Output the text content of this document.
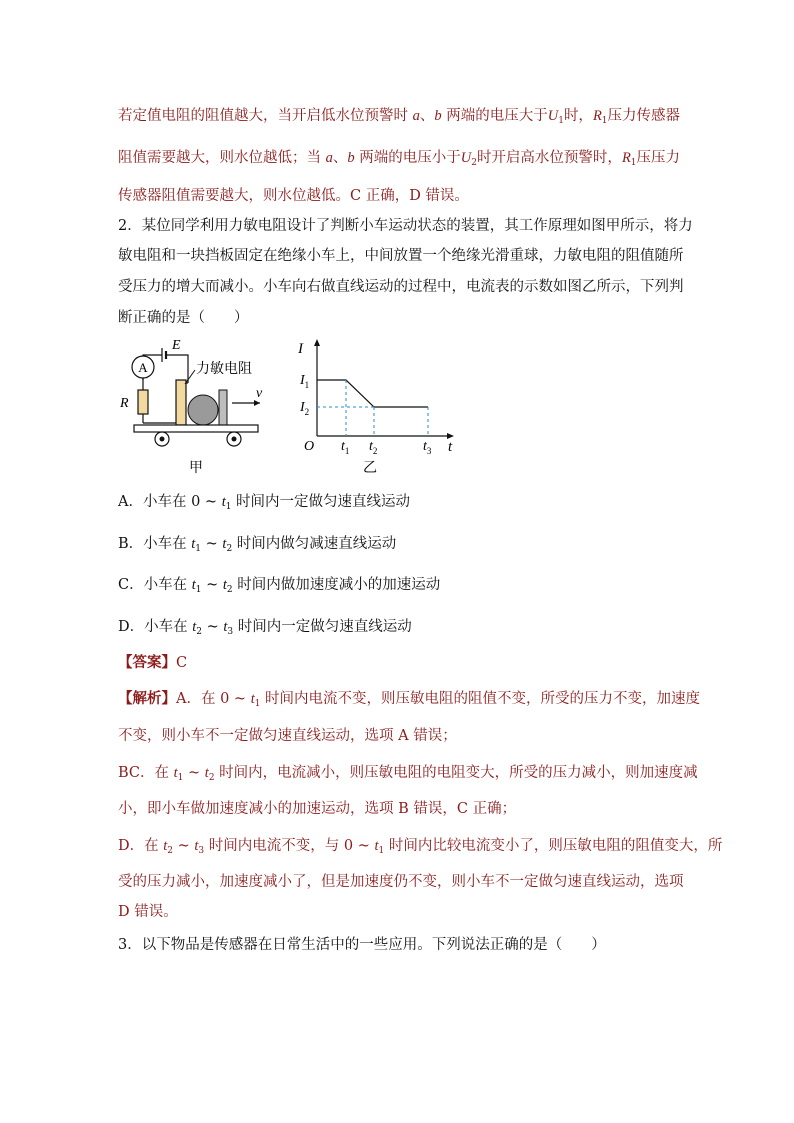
若定值电阻的阻值越大，当开启低水位预警时 a、b 两端的电压大于$U_1$时，$R_1$压力传感器
阻值需要越大，则水位越低；当 a、b 两端的电压小于$U_2$时开启高水位预警时，$R_1$压压力
传感器阻值需要越大，则水位越低。C 正确，D 错误。
2．某位同学利用力敏电阻设计了判断小车运动状态的装置，其工作原理如图甲所示，将力
敏电阻和一块挡板固定在绝缘小车上，中间放置一个绝缘光滑重球，力敏电阻的阻值随所
受压力的增大而减小。小车向右做直线运动的过程中，电流表的示数如图乙所示，下列判
断正确的是（　　）
A
E
R
力敏电阻
v
甲
I
t
O
$I_1$
$I_2$
$t_1$ $t_2$	$t_3$
乙
A．小车在 0 ~ $t_1$ 时间内一定做匀速直线运动
B．小车在 $t_1$ ~ $t_2$ 时间内做匀减速直线运动
C．小车在 $t_1$ ~ $t_2$ 时间内做加速度减小的加速运动
D．小车在 $t_2$ ~ $t_3$ 时间内一定做匀速直线运动
【答案】C
【解析】A．在 0 ~ $t_1$ 时间内电流不变，则压敏电阻的阻值不变，所受的压力不变，加速度
不变，则小车不一定做匀速直线运动，选项 A 错误；
BC．在 $t_1$ ~ $t_2$ 时间内，电流减小，则压敏电阻的电阻变大，所受的压力减小，则加速度减
小，即小车做加速度减小的加速运动，选项 B 错误，C 正确；
D．在 $t_2$ ~ $t_3$ 时间内电流不变，与 0 ~ $t_1$ 时间内比较电流变小了，则压敏电阻的阻值变大，所
受的压力减小，加速度减小了，但是加速度仍不变，则小车不一定做匀速直线运动，选项
D 错误。
3．以下物品是传感器在日常生活中的一些应用。下列说法正确的是（　　）
